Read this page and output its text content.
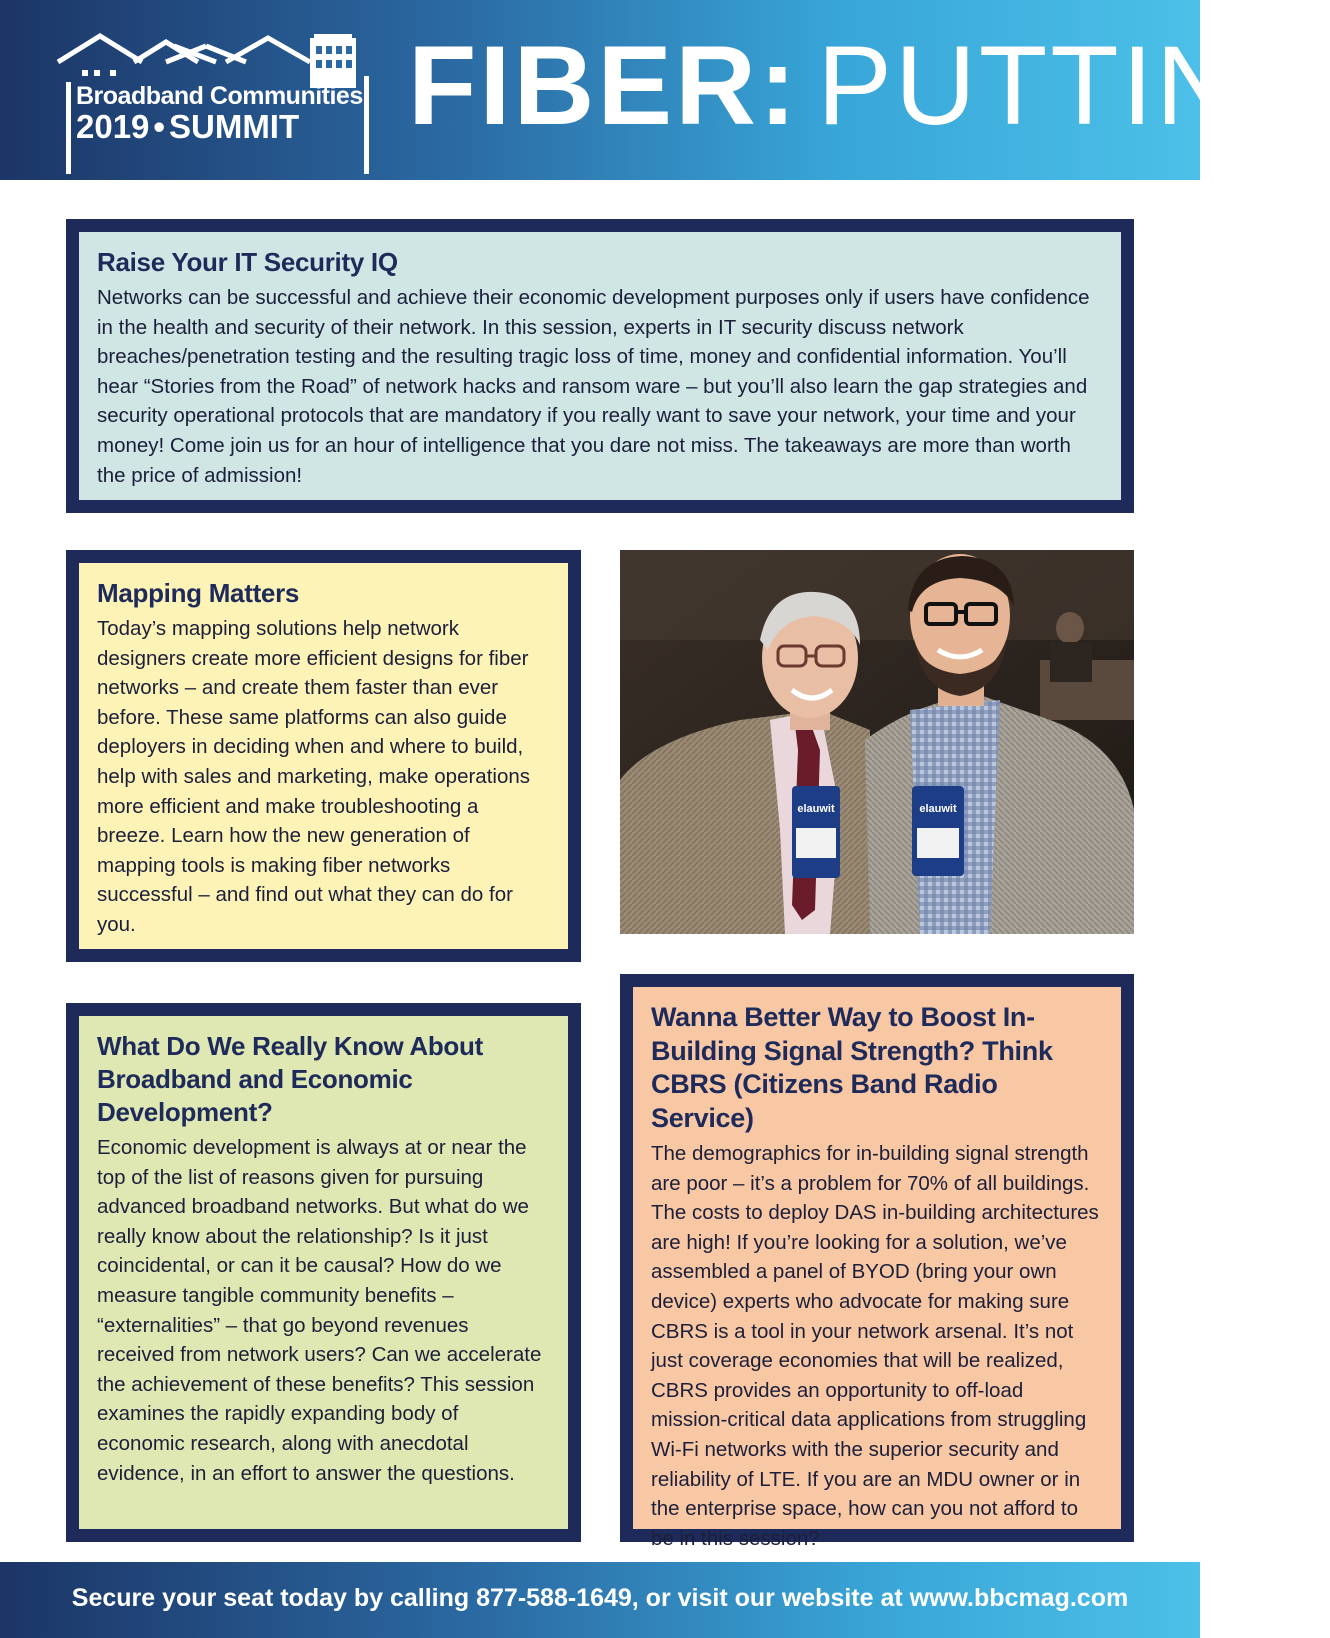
Broadband Communities
2019 • SUMMIT FIBER: PUTTING
Raise Your IT Security IQ

Networks can be successful and achieve their economic development purposes only if users have confidence in the health and security of their network. In this session, experts in IT security discuss network breaches/penetration testing and the resulting tragic loss of time, money and confidential information. You’ll hear “Stories from the Road” of network hacks and ransom ware – but you’ll also learn the gap strategies and security operational protocols that are mandatory if you really want to save your network, your time and your money! Come join us for an hour of intelligence that you dare not miss. The takeaways are more than worth the price of admission!

Mapping Matters

Today’s mapping solutions help network designers create more efficient designs for fiber networks – and create them faster than ever before. These same platforms can also guide deployers in deciding when and where to build, help with sales and marketing, make operations more efficient and make troubleshooting a breeze. Learn how the new generation of mapping tools is making fiber networks successful – and find out what they can do for you.

elauwit	elauwit
What Do We Really Know About Broadband and Economic Development?

Economic development is always at or near the top of the list of reasons given for pursuing advanced broadband networks. But what do we really know about the relationship? Is it just coincidental, or can it be causal? How do we measure tangible community benefits – “externalities” – that go beyond revenues received from network users? Can we accelerate the achievement of these benefits? This session examines the rapidly expanding body of economic research, along with anecdotal evidence, in an effort to answer the questions.

Wanna Better Way to Boost In-Building Signal Strength? Think CBRS (Citizens Band Radio Service)

The demographics for in-building signal strength are poor – it’s a problem for 70% of all buildings. The costs to deploy DAS in-building architectures are high! If you’re looking for a solution, we’ve assembled a panel of BYOD (bring your own device) experts who advocate for making sure CBRS is a tool in your network arsenal. It’s not just coverage economies that will be realized, CBRS provides an opportunity to off-load mission-critical data applications from struggling Wi-Fi networks with the superior security and reliability of LTE. If you are an MDU owner or in the enterprise space, how can you not afford to be in this session?

Secure your seat today by calling 877-588-1649, or visit our website at www.bbcmag.com
